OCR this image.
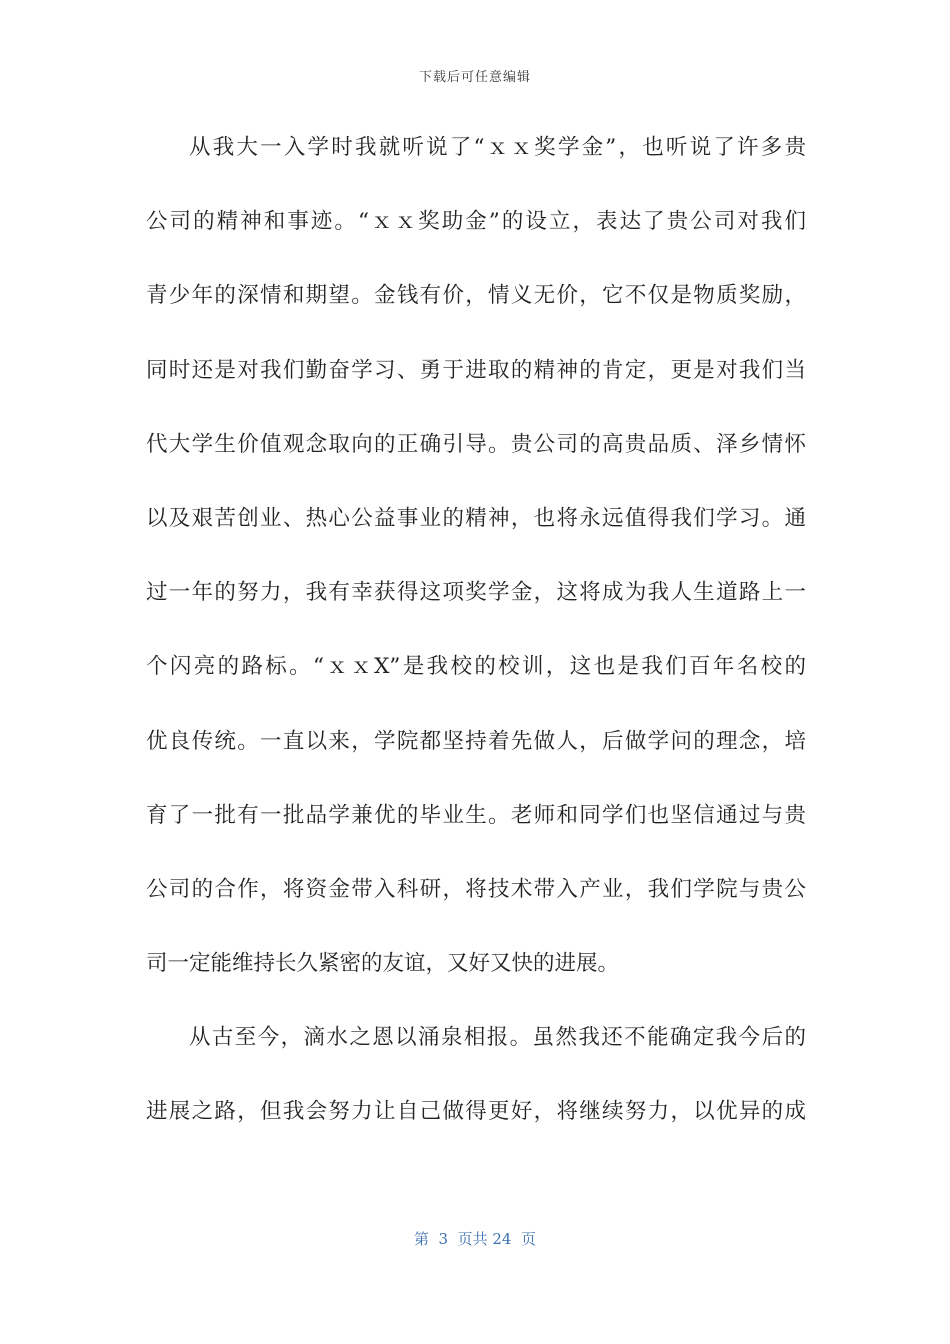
下载后可任意编辑
从我大一入学时我就听说了“ｘｘ奖学金”，也听说了许多贵
公司的精神和事迹。“ｘｘ奖助金”的设立，表达了贵公司对我们
青少年的深情和期望。金钱有价，情义无价，它不仅是物质奖励，
同时还是对我们勤奋学习、勇于进取的精神的肯定，更是对我们当
代大学生价值观念取向的正确引导。贵公司的高贵品质、泽乡情怀
以及艰苦创业、热心公益事业的精神，也将永远值得我们学习。通
过一年的努力，我有幸获得这项奖学金，这将成为我人生道路上一
个闪亮的路标。“ｘｘX”是我校的校训，这也是我们百年名校的
优良传统。一直以来，学院都坚持着先做人，后做学问的理念，培
育了一批有一批品学兼优的毕业生。老师和同学们也坚信通过与贵
公司的合作，将资金带入科研，将技术带入产业，我们学院与贵公
司一定能维持长久紧密的友谊，又好又快的进展。
从古至今，滴水之恩以涌泉相报。虽然我还不能确定我今后的
进展之路，但我会努力让自己做得更好，将继续努力，以优异的成
第  3  页共 24  页
